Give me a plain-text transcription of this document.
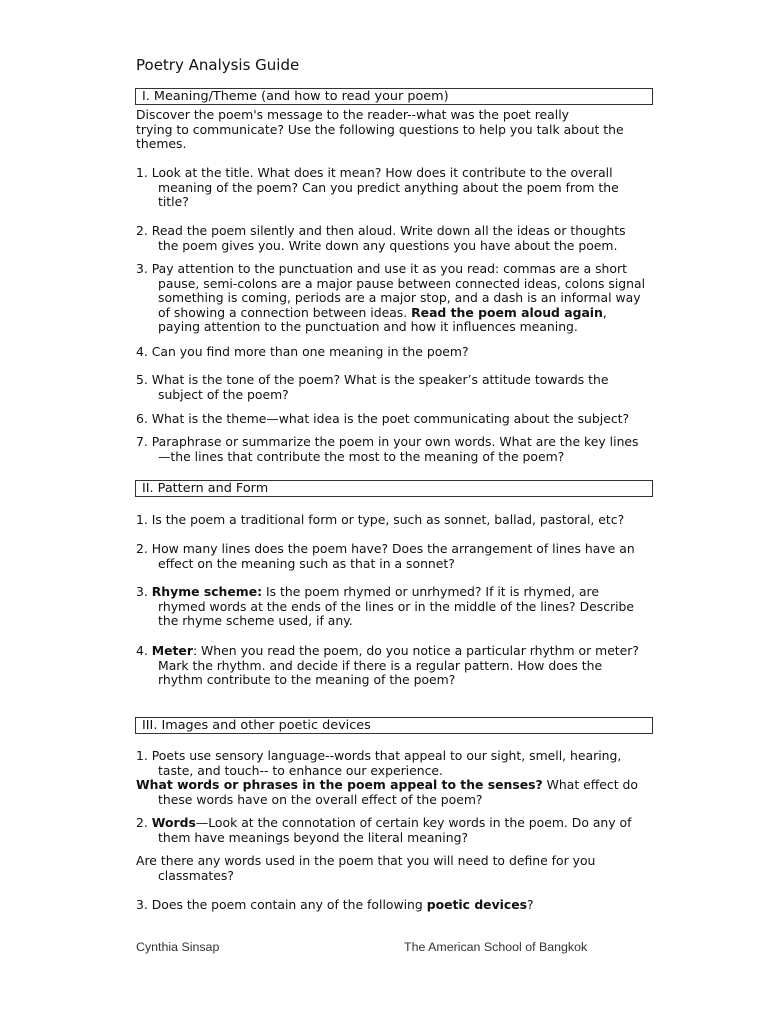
Poetry Analysis Guide
I. Meaning/Theme (and how to read your poem)
Discover the poem's message to the reader--what was the poet really
trying to communicate? Use the following questions to help you talk about the
themes.
1. Look at the title. What does it mean? How does it contribute to the overall
meaning of the poem? Can you predict anything about the poem from the
title?
2. Read the poem silently and then aloud. Write down all the ideas or thoughts
the poem gives you. Write down any questions you have about the poem.
3. Pay attention to the punctuation and use it as you read: commas are a short
pause, semi-colons are a major pause between connected ideas, colons signal
something is coming, periods are a major stop, and a dash is an informal way
of showing a connection between ideas. Read the poem aloud again,
paying attention to the punctuation and how it influences meaning.
4. Can you find more than one meaning in the poem?
5. What is the tone of the poem? What is the speaker’s attitude towards the
subject of the poem?
6. What is the theme—what idea is the poet communicating about the subject?
7. Paraphrase or summarize the poem in your own words. What are the key lines
—the lines that contribute the most to the meaning of the poem?
II. Pattern and Form
1. Is the poem a traditional form or type, such as sonnet, ballad, pastoral, etc?
2. How many lines does the poem have? Does the arrangement of lines have an
effect on the meaning such as that in a sonnet?
3. Rhyme scheme: Is the poem rhymed or unrhymed? If it is rhymed, are
rhymed words at the ends of the lines or in the middle of the lines? Describe
the rhyme scheme used, if any.
4. Meter: When you read the poem, do you notice a particular rhythm or meter?
Mark the rhythm. and decide if there is a regular pattern. How does the
rhythm contribute to the meaning of the poem?
III. Images and other poetic devices
1. Poets use sensory language--words that appeal to our sight, smell, hearing,
taste, and touch-- to enhance our experience.
What words or phrases in the poem appeal to the senses? What effect do
these words have on the overall effect of the poem?
2. Words—Look at the connotation of certain key words in the poem. Do any of
them have meanings beyond the literal meaning?
Are there any words used in the poem that you will need to define for you
classmates?
3. Does the poem contain any of the following poetic devices?
Cynthia Sinsap	The American School of Bangkok
